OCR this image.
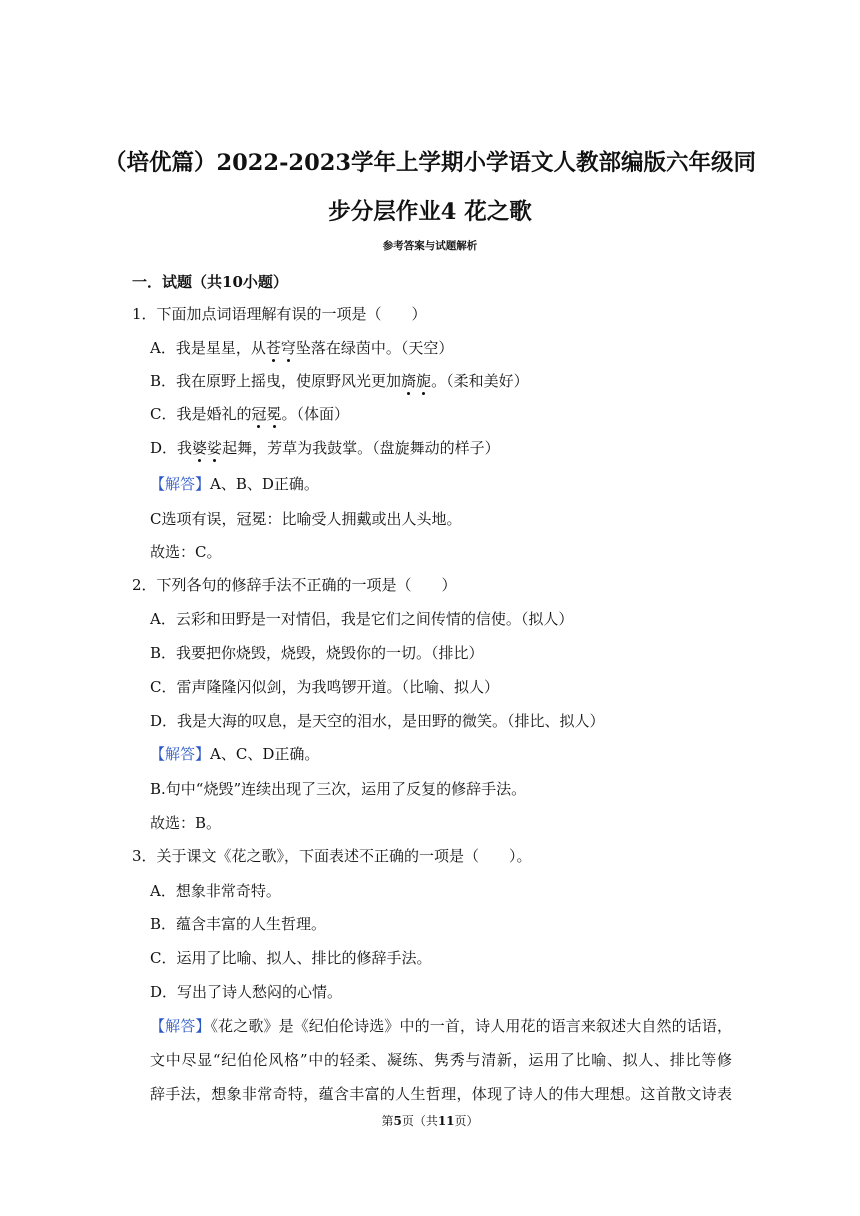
（培优篇）2022-2023学年上学期小学语文人教部编版六年级同
步分层作业4 花之歌
参考答案与试题解析
一．试题（共10小题）
1．下面加点词语理解有误的一项是（　　）
A．我是星星，从苍穹坠落在绿茵中。（天空）
B．我在原野上摇曳，使原野风光更加旖旎。（柔和美好）
C．我是婚礼的冠冕。（体面）
D．我婆娑起舞，芳草为我鼓掌。（盘旋舞动的样子）
【解答】A、B、D正确。
C选项有误，冠冕：比喻受人拥戴或出人头地。
故选：C。
2．下列各句的修辞手法不正确的一项是（　　）
A．云彩和田野是一对情侣，我是它们之间传情的信使。（拟人）
B．我要把你烧毁，烧毁，烧毁你的一切。（排比）
C．雷声隆隆闪似剑，为我鸣锣开道。（比喻、拟人）
D．我是大海的叹息，是天空的泪水，是田野的微笑。（排比、拟人）
【解答】A、C、D正确。
B.句中“烧毁”连续出现了三次，运用了反复的修辞手法。
故选：B。
3．关于课文《花之歌》，下面表述不正确的一项是（　　）。
A．想象非常奇特。
B．蕴含丰富的人生哲理。
C．运用了比喻、拟人、排比的修辞手法。
D．写出了诗人愁闷的心情。
【解答】《花之歌》是《纪伯伦诗选》中的一首，诗人用花的语言来叙述大自然的话语，
文中尽显“纪伯伦风格”中的轻柔、凝练、隽秀与清新，运用了比喻、拟人、排比等修
辞手法，想象非常奇特，蕴含丰富的人生哲理，体现了诗人的伟大理想。这首散文诗表
第5页（共11页）
